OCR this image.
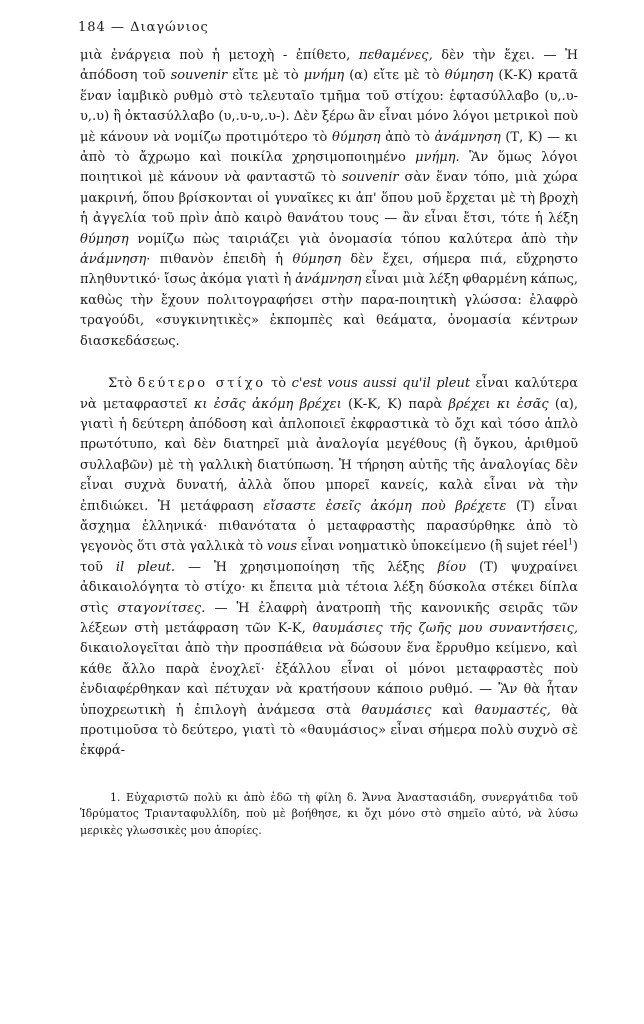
184 — Διαγώνιος

μιὰ ἐνάργεια ποὺ ἡ μετοχὴ - ἐπίθετο, πεθαμένες, δὲν τὴν ἔχει. — Ἡ ἀπόδοση τοῦ souvenir εἴτε μὲ τὸ μνήμη (α) εἴτε μὲ τὸ θύμηση (Κ-Κ) κρατᾶ ἕναν ἰαμβικὸ ρυθμὸ στὸ τελευταῖο τμῆμα τοῦ στίχου: ἑφτασύλλαβο (υ,.υ-υ,.υ) ἢ ὀκτασύλλαβο (υ,.υ-υ,.υ-). Δὲν ξέρω ἂν εἶναι μόνο λόγοι μετρικοὶ ποὺ μὲ κάνουν νὰ νομίζω προτιμότερο τὸ θύμηση ἀπὸ τὸ ἀνάμνηση (Τ, Κ) — κι ἀπὸ τὸ ἄχρωμο καὶ ποικίλα χρησιμοποιημένο μνήμη. Ἂν ὅμως λόγοι ποιητικοὶ μὲ κάνουν νὰ φανταστῶ τὸ souvenir σὰν ἕναν τόπο, μιὰ χώρα μακρινή, ὅπου βρίσκονται οἱ γυναῖκες κι ἀπ' ὅπου μοῦ ἔρχεται μὲ τὴ βροχὴ ἡ ἀγγελία τοῦ πρὶν ἀπὸ καιρὸ θανάτου τους — ἂν εἶναι ἔτσι, τότε ἡ λέξη θύμηση νομίζω πὼς ταιριάζει γιὰ ὀνομασία τόπου καλύτερα ἀπὸ τὴν ἀνάμνηση· πιθανὸν ἐπειδὴ ἡ θύμηση δὲν ἔχει, σήμερα πιά, εὔχρηστο πληθυντικό· ἴσως ἀκόμα γιατὶ ἡ ἀνάμνηση εἶναι μιὰ λέξη φθαρμένη κάπως, καθὼς τὴν ἔχουν πολιτογραφήσει στὴν παρα-ποιητικὴ γλώσσα: ἐλαφρὸ τραγούδι, «συγκινητικὲς» ἐκπομπὲς καὶ θεάματα, ὀνομασία κέντρων διασκεδάσεως.

Στὸ δεύτερο στίχο τὸ c'est vous aussi qu'il pleut εἶναι καλύτερα νὰ μεταφραστεῖ κι ἐσᾶς ἀκόμη βρέχει (Κ-Κ, Κ) παρὰ βρέχει κι ἐσᾶς (α), γιατὶ ἡ δεύτερη ἀπόδοση καὶ ἁπλοποιεῖ ἐκφραστικὰ τὸ ὄχι καὶ τόσο ἁπλὸ πρωτότυπο, καὶ δὲν διατηρεῖ μιὰ ἀναλογία μεγέθους (ἢ ὄγκου, ἀριθμοῦ συλλαβῶν) μὲ τὴ γαλλικὴ διατύπωση. Ἡ τήρηση αὐτῆς τῆς ἀναλογίας δὲν εἶναι συχνὰ δυνατή, ἀλλὰ ὅπου μπορεῖ κανείς, καλὰ εἶναι νὰ τὴν ἐπιδιώκει. Ἡ μετάφραση εἴσαστε ἐσεῖς ἀκόμη ποὺ βρέχετε (Τ) εἶναι ἄσχημα ἑλληνικά· πιθανότατα ὁ μεταφραστὴς παρασύρθηκε ἀπὸ τὸ γεγονὸς ὅτι στὰ γαλλικὰ τὸ vous εἶναι νοηματικὸ ὑποκείμενο (ἢ sujet réel$^1$) τοῦ il pleut. — Ἡ χρησιμοποίηση τῆς λέξης βίου (Τ) ψυχραίνει ἀδικαιολόγητα τὸ στίχο· κι ἔπειτα μιὰ τέτοια λέξη δύσκολα στέκει δίπλα στὶς σταγονίτσες. — Ἡ ἐλαφρὴ ἀνατροπὴ τῆς κανονικῆς σειρᾶς τῶν λέξεων στὴ μετάφραση τῶν Κ-Κ, θαυμάσιες τῆς ζωῆς μου συναντήσεις, δικαιολογεῖται ἀπὸ τὴν προσπάθεια νὰ δώσουν ἕνα ἔρρυθμο κείμενο, καὶ κάθε ἄλλο παρὰ ἐνοχλεῖ· ἐξάλλου εἶναι οἱ μόνοι μεταφραστὲς ποὺ ἐνδιαφέρθηκαν καὶ πέτυχαν νὰ κρατήσουν κάποιο ρυθμό. — Ἂν θὰ ἦταν ὑποχρεωτικὴ ἡ ἐπιλογὴ ἀνάμεσα στὰ θαυμάσιες καὶ θαυμαστές, θὰ προτιμοῦσα τὸ δεύτερο, γιατὶ τὸ «θαυμάσιος» εἶναι σήμερα πολὺ συχνὸ σὲ ἐκφρά-

1. Εὐχαριστῶ πολὺ κι ἀπὸ ἐδῶ τὴ φίλη δ. Ἄννα Ἀναστασιάδη, συνεργάτιδα τοῦ Ἱδρύματος Τριανταφυλλίδη, ποὺ μὲ βοήθησε, κι ὄχι μόνο στὸ σημεῖο αὐτό, νὰ λύσω μερικὲς γλωσσικὲς μου ἀπορίες.
